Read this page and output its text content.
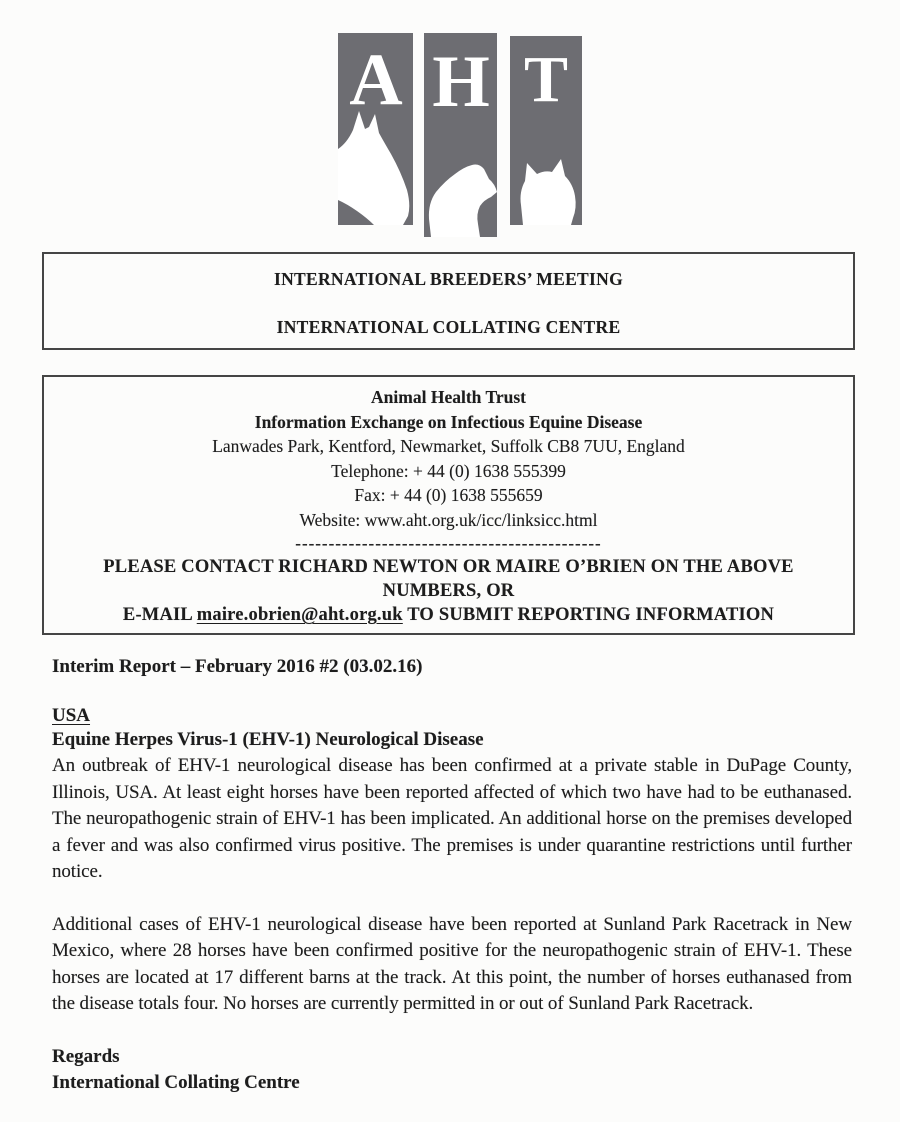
A H T
INTERNATIONAL BREEDERS’ MEETING
INTERNATIONAL COLLATING CENTRE
Animal Health Trust
Information Exchange on Infectious Equine Disease
Lanwades Park, Kentford, Newmarket, Suffolk CB8 7UU, England
Telephone: + 44 (0) 1638 555399
Fax: + 44 (0) 1638 555659
Website: www.aht.org.uk/icc/linksicc.html
----------------------------------------------
PLEASE CONTACT RICHARD NEWTON OR MAIRE O’BRIEN ON THE ABOVE
NUMBERS, OR
E-MAIL maire.obrien@aht.org.uk TO SUBMIT REPORTING INFORMATION
Interim Report – February 2016 #2 (03.02.16)
USA
Equine Herpes Virus-1 (EHV-1) Neurological Disease

An outbreak of EHV-1 neurological disease has been confirmed at a private stable in DuPage County, Illinois, USA. At least eight horses have been reported affected of which two have had to be euthanased. The neuropathogenic strain of EHV-1 has been implicated. An additional horse on the premises developed a fever and was also confirmed virus positive. The premises is under quarantine restrictions until further notice.

Additional cases of EHV-1 neurological disease have been reported at Sunland Park Racetrack in New Mexico, where 28 horses have been confirmed positive for the neuropathogenic strain of EHV-1. These horses are located at 17 different barns at the track. At this point, the number of horses euthanased from the disease totals four. No horses are currently permitted in or out of Sunland Park Racetrack.

Regards
International Collating Centre
